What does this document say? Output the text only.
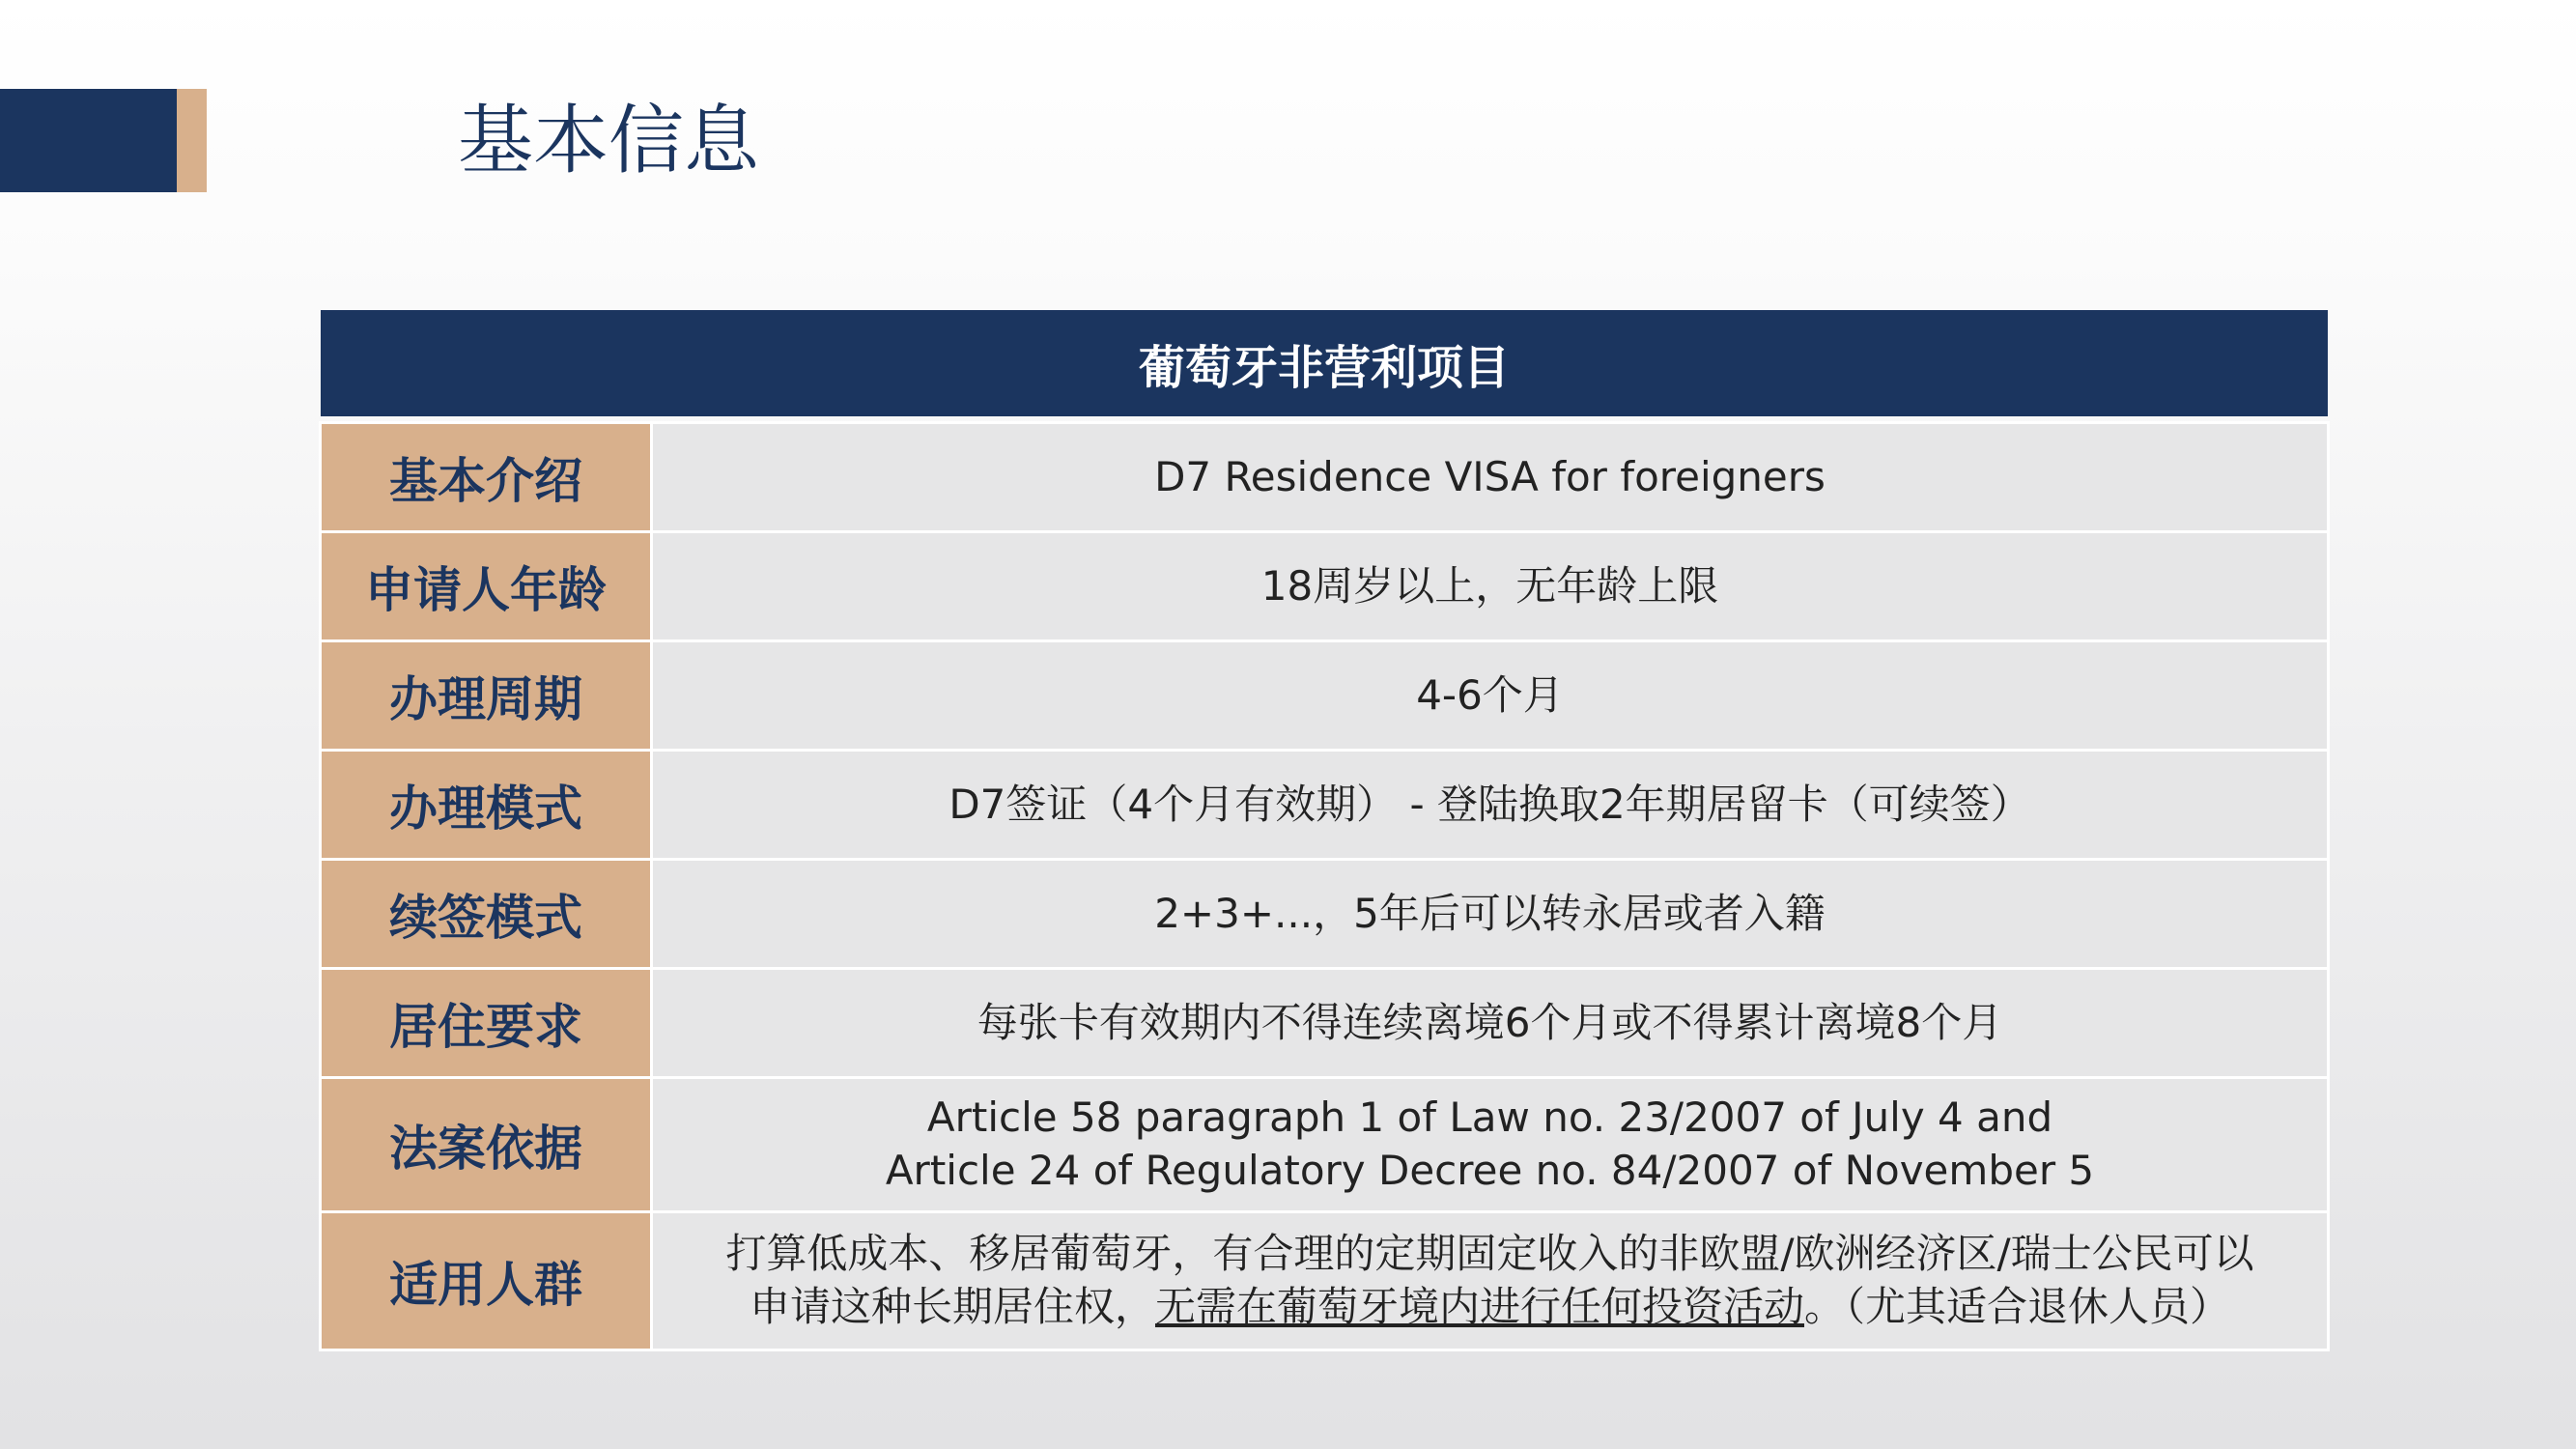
基本信息
葡萄牙非营利项目
基本介绍	D7 Residence VISA for foreigners
申请人年龄	18周岁以上，无年龄上限
办理周期	4-6个月
办理模式	D7签证（4个月有效期） - 登陆换取2年期居留卡（可续签）
续签模式	2+3+...，5年后可以转永居或者入籍
居住要求	每张卡有效期内不得连续离境6个月或不得累计离境8个月
法案依据	Article 58 paragraph 1 of Law no. 23/2007 of July 4 and
Article 24 of Regulatory Decree no. 84/2007 of November 5

适用人群	打算低成本、移居葡萄牙，有合理的定期固定收入的非欧盟/欧洲经济区/瑞士公民可以
申请这种长期居住权，无需在葡萄牙境内进行任何投资活动。（尤其适合退休人员）
